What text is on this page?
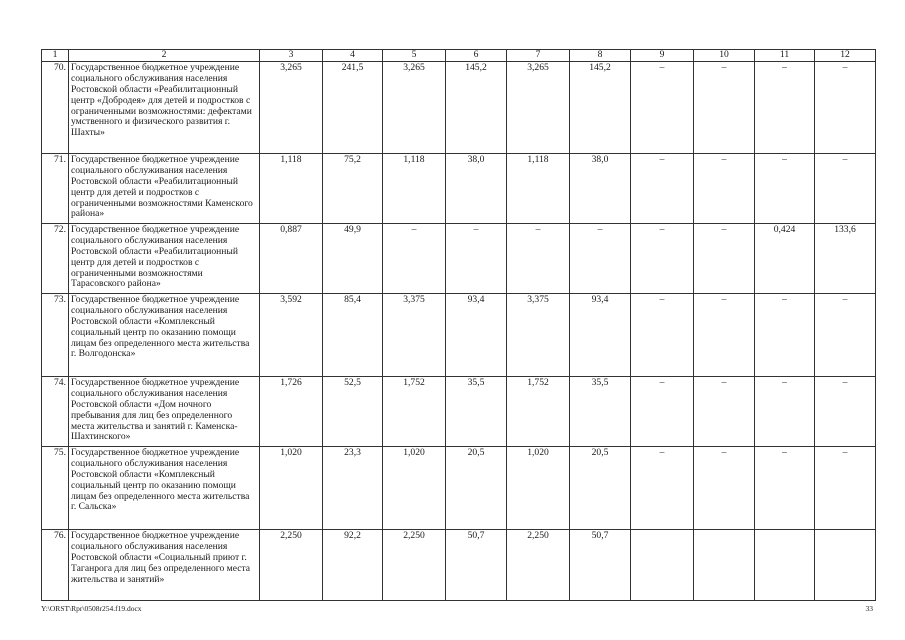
1	2	3	4	5	6	7	8	9	10	11	12
70.	Государственное бюджетное учреждение социального обслуживания населения Ростовской области «Реабилитационный центр «Добродея» для детей и подростков с ограниченными возможностями: дефектами умственного и физического развития г. Шахты»	3,265	241,5	3,265	145,2	3,265	145,2	–	–	–	–
71.	Государственное бюджетное учреждение социального обслуживания населения Ростовской области «Реабилитационный центр для детей и подростков с ограниченными возможностями Каменского района»	1,118	75,2	1,118	38,0	1,118	38,0	–	–	–	–
72.	Государственное бюджетное учреждение социального обслуживания населения Ростовской области «Реабилитационный центр для детей и подростков с ограниченными возможностями Тарасовского района»	0,887	49,9	–	–	–	–	–	–	0,424	133,6
73.	Государственное бюджетное учреждение социального обслуживания населения Ростовской области «Комплексный социальный центр по оказанию помощи лицам без определенного места жительства г. Волгодонска»	3,592	85,4	3,375	93,4	3,375	93,4	–	–	–	–
74.	Государственное бюджетное учреждение социального обслуживания населения Ростовской области «Дом ночного пребывания для лиц без определенного места жительства и занятий г. Каменска-Шахтинского»	1,726	52,5	1,752	35,5	1,752	35,5	–	–	–	–
75.	Государственное бюджетное учреждение социального обслуживания населения Ростовской области «Комплексный социальный центр по оказанию помощи лицам без определенного места жительства г. Сальска»	1,020	23,3	1,020	20,5	1,020	20,5	–	–	–	–
76.	Государственное бюджетное учреждение социального обслуживания населения Ростовской области «Социальный приют г. Таганрога для лиц без определенного места жительства и занятий»	2,250	92,2	2,250	50,7	2,250	50,7				
Y:\ORST\Rpr\0508r254.f19.docx	33
